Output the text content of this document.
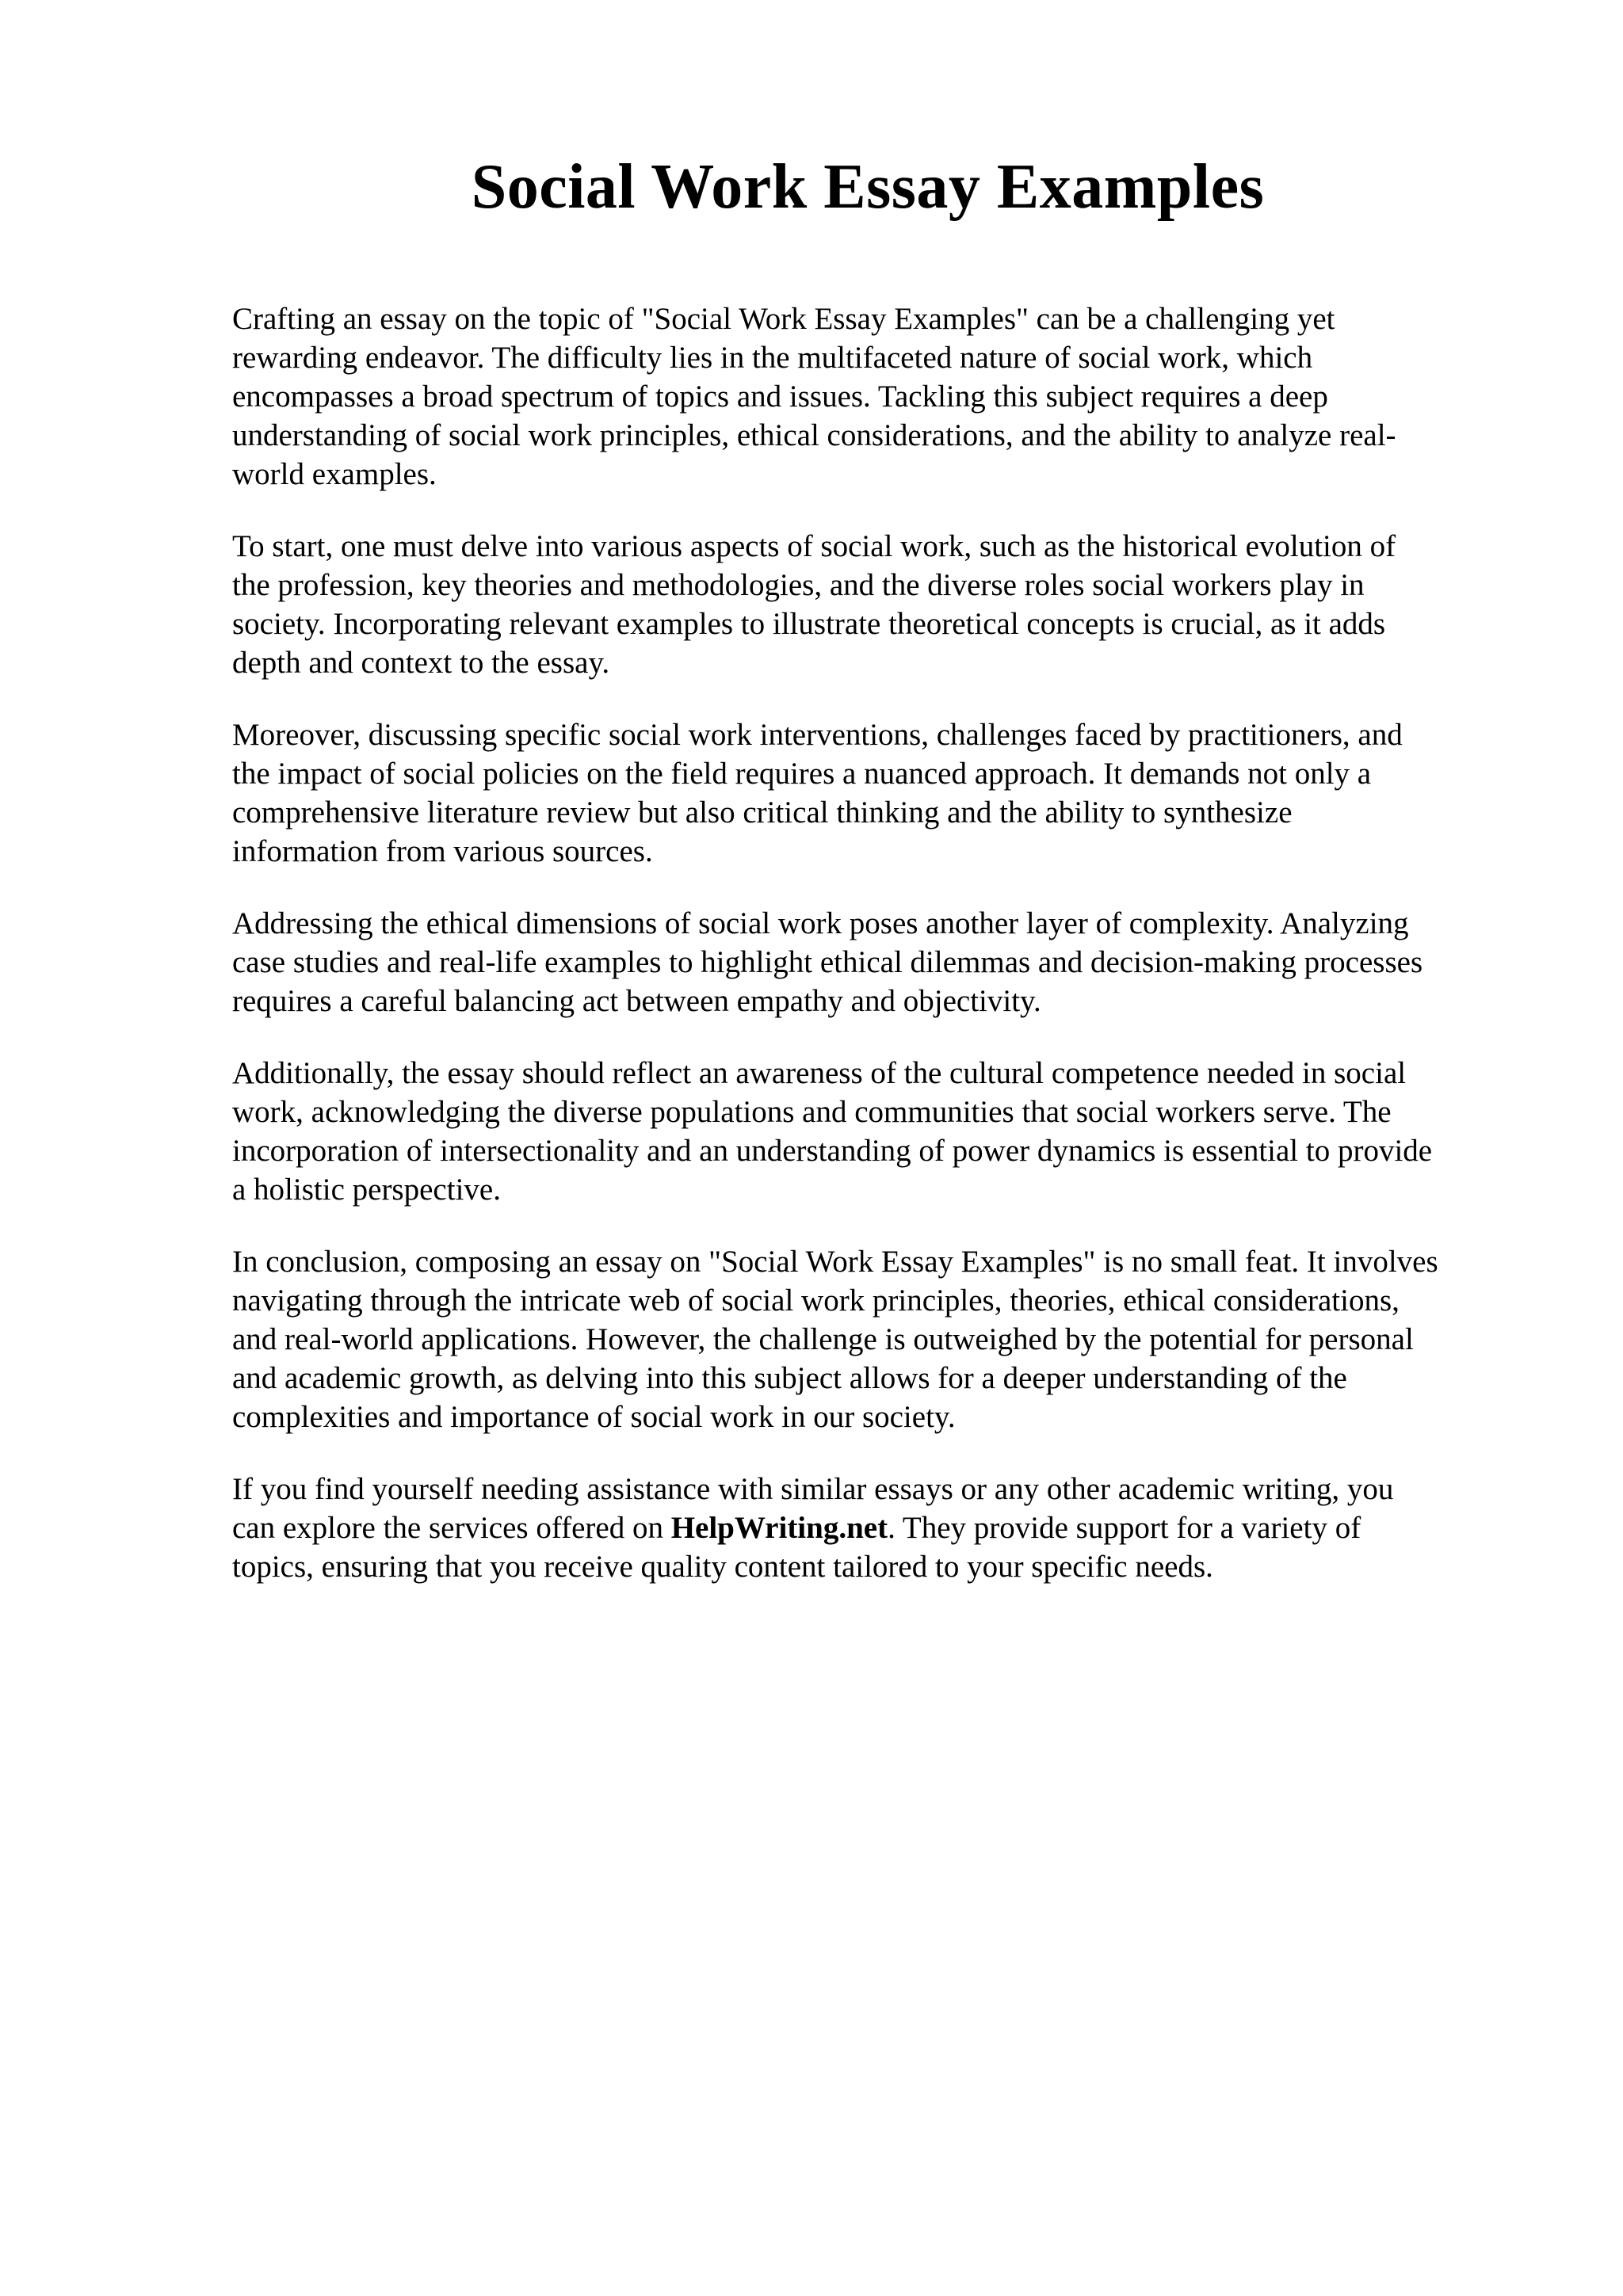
Social Work Essay Examples

Crafting an essay on the topic of "Social Work Essay Examples" can be a challenging yet
rewarding endeavor. The difficulty lies in the multifaceted nature of social work, which
encompasses a broad spectrum of topics and issues. Tackling this subject requires a deep
understanding of social work principles, ethical considerations, and the ability to analyze real-
world examples.

To start, one must delve into various aspects of social work, such as the historical evolution of
the profession, key theories and methodologies, and the diverse roles social workers play in
society. Incorporating relevant examples to illustrate theoretical concepts is crucial, as it adds
depth and context to the essay.

Moreover, discussing specific social work interventions, challenges faced by practitioners, and
the impact of social policies on the field requires a nuanced approach. It demands not only a
comprehensive literature review but also critical thinking and the ability to synthesize
information from various sources.

Addressing the ethical dimensions of social work poses another layer of complexity. Analyzing
case studies and real-life examples to highlight ethical dilemmas and decision-making processes
requires a careful balancing act between empathy and objectivity.

Additionally, the essay should reflect an awareness of the cultural competence needed in social
work, acknowledging the diverse populations and communities that social workers serve. The
incorporation of intersectionality and an understanding of power dynamics is essential to provide
a holistic perspective.

In conclusion, composing an essay on "Social Work Essay Examples" is no small feat. It involves
navigating through the intricate web of social work principles, theories, ethical considerations,
and real-world applications. However, the challenge is outweighed by the potential for personal
and academic growth, as delving into this subject allows for a deeper understanding of the
complexities and importance of social work in our society.

If you find yourself needing assistance with similar essays or any other academic writing, you
can explore the services offered on HelpWriting.net. They provide support for a variety of
topics, ensuring that you receive quality content tailored to your specific needs.
